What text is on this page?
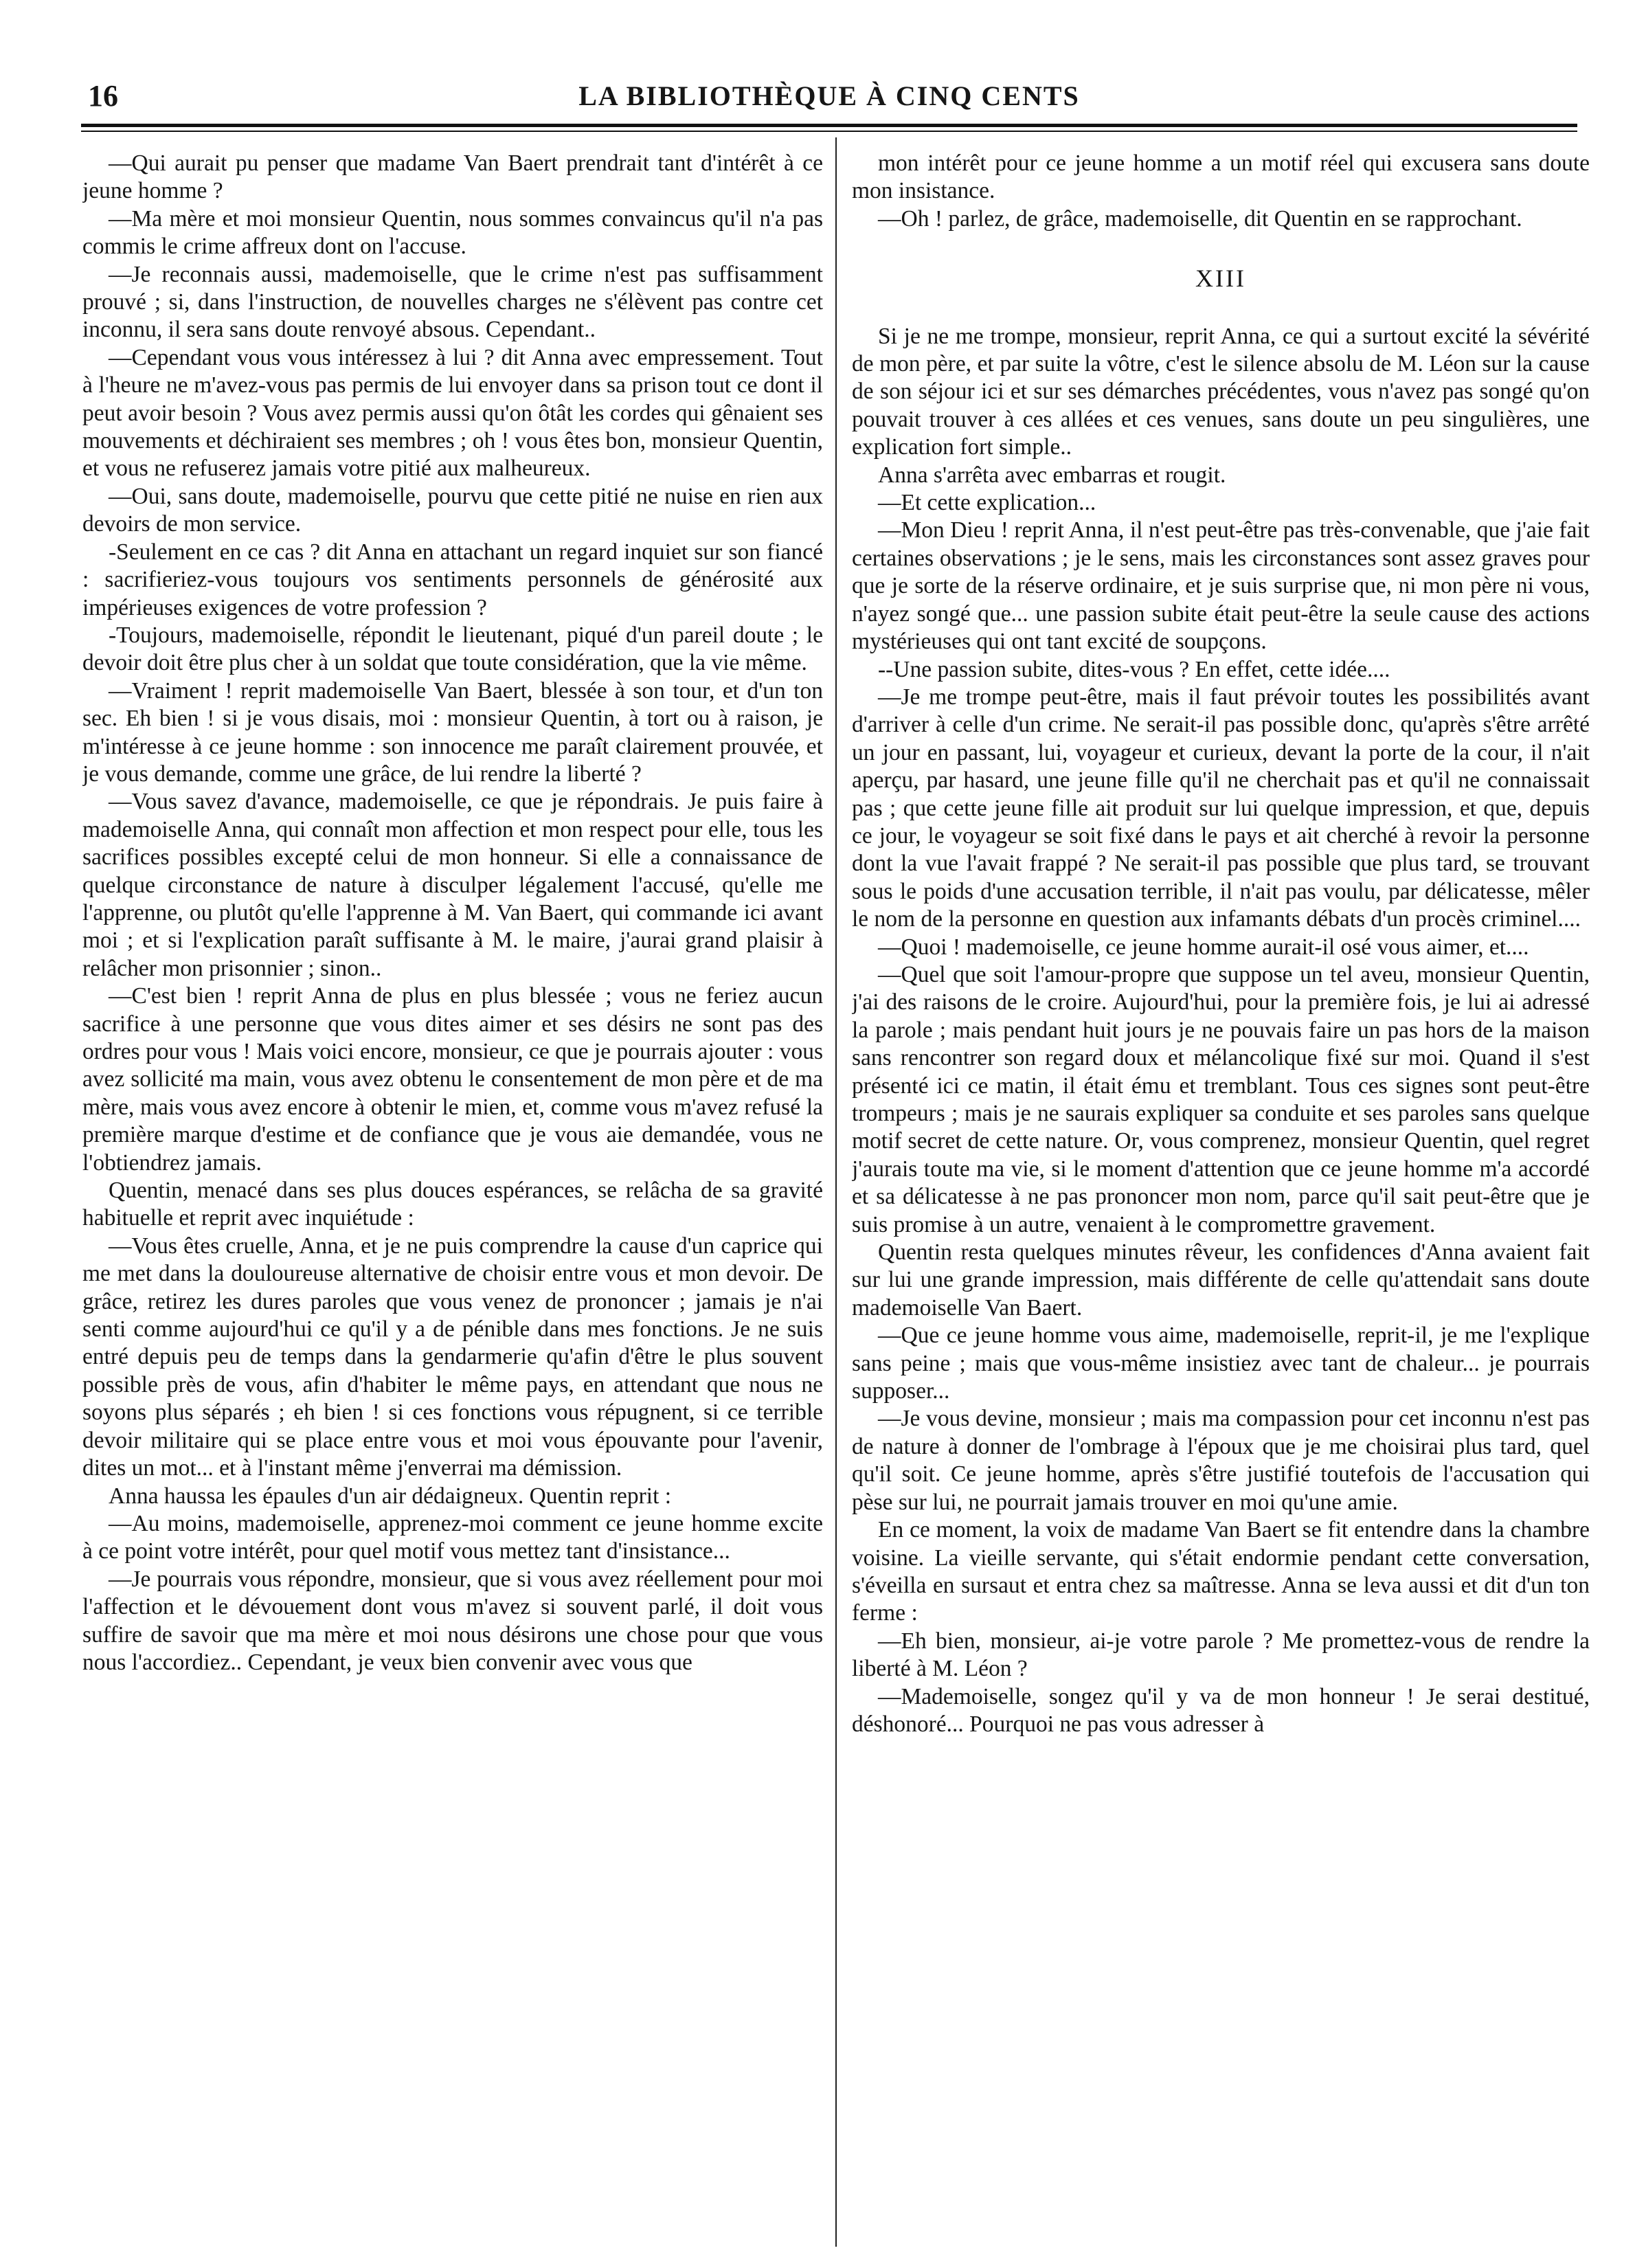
16	LA BIBLIOTHÈQUE À CINQ CENTS

—Qui aurait pu penser que madame Van Baert prendrait tant d'intérêt à ce jeune homme ?

—Ma mère et moi monsieur Quentin, nous sommes convaincus qu'il n'a pas commis le crime affreux dont on l'accuse.

—Je reconnais aussi, mademoiselle, que le crime n'est pas suffisamment prouvé ; si, dans l'instruction, de nouvelles charges ne s'élèvent pas contre cet inconnu, il sera sans doute renvoyé absous. Cependant..

—Cependant vous vous intéressez à lui ? dit Anna avec empressement. Tout à l'heure ne m'avez-vous pas permis de lui envoyer dans sa prison tout ce dont il peut avoir besoin ? Vous avez permis aussi qu'on ôtât les cordes qui gênaient ses mouvements et déchiraient ses membres ; oh ! vous êtes bon, monsieur Quentin, et vous ne refuserez jamais votre pitié aux malheureux.

—Oui, sans doute, mademoiselle, pourvu que cette pitié ne nuise en rien aux devoirs de mon service.

-Seulement en ce cas ? dit Anna en attachant un regard inquiet sur son fiancé : sacrifieriez-vous toujours vos sentiments personnels de générosité aux impérieuses exigences de votre profession ?

-Toujours, mademoiselle, répondit le lieutenant, piqué d'un pareil doute ; le devoir doit être plus cher à un soldat que toute considération, que la vie même.

—Vraiment ! reprit mademoiselle Van Baert, blessée à son tour, et d'un ton sec. Eh bien ! si je vous disais, moi : monsieur Quentin, à tort ou à raison, je m'intéresse à ce jeune homme : son innocence me paraît clairement prouvée, et je vous demande, comme une grâce, de lui rendre la liberté ?

—Vous savez d'avance, mademoiselle, ce que je répondrais. Je puis faire à mademoiselle Anna, qui connaît mon affection et mon respect pour elle, tous les sacrifices possibles excepté celui de mon honneur. Si elle a connaissance de quelque circonstance de nature à disculper légalement l'accusé, qu'elle me l'apprenne, ou plutôt qu'elle l'apprenne à M. Van Baert, qui commande ici avant moi ; et si l'explication paraît suffisante à M. le maire, j'aurai grand plaisir à relâcher mon prisonnier ; sinon..

—C'est bien ! reprit Anna de plus en plus blessée ; vous ne feriez aucun sacrifice à une personne que vous dites aimer et ses désirs ne sont pas des ordres pour vous ! Mais voici encore, monsieur, ce que je pourrais ajouter : vous avez sollicité ma main, vous avez obtenu le consentement de mon père et de ma mère, mais vous avez encore à obtenir le mien, et, comme vous m'avez refusé la première marque d'estime et de confiance que je vous aie demandée, vous ne l'obtiendrez jamais.

Quentin, menacé dans ses plus douces espérances, se relâcha de sa gravité habituelle et reprit avec inquiétude :

—Vous êtes cruelle, Anna, et je ne puis comprendre la cause d'un caprice qui me met dans la douloureuse alternative de choisir entre vous et mon devoir. De grâce, retirez les dures paroles que vous venez de prononcer ; jamais je n'ai senti comme aujourd'hui ce qu'il y a de pénible dans mes fonctions. Je ne suis entré depuis peu de temps dans la gendarmerie qu'afin d'être le plus souvent possible près de vous, afin d'habiter le même pays, en attendant que nous ne soyons plus séparés ; eh bien ! si ces fonctions vous répugnent, si ce terrible devoir militaire qui se place entre vous et moi vous épouvante pour l'avenir, dites un mot... et à l'instant même j'enverrai ma démission.

Anna haussa les épaules d'un air dédaigneux. Quentin reprit :

—Au moins, mademoiselle, apprenez-moi comment ce jeune homme excite à ce point votre intérêt, pour quel motif vous mettez tant d'insistance...

—Je pourrais vous répondre, monsieur, que si vous avez réellement pour moi l'affection et le dévouement dont vous m'avez si souvent parlé, il doit vous suffire de savoir que ma mère et moi nous désirons une chose pour que vous nous l'accordiez.. Cependant, je veux bien convenir avec vous que

mon intérêt pour ce jeune homme a un motif réel qui excusera sans doute mon insistance.

—Oh ! parlez, de grâce, mademoiselle, dit Quentin en se rapprochant.

XIII

Si je ne me trompe, monsieur, reprit Anna, ce qui a surtout excité la sévérité de mon père, et par suite la vôtre, c'est le silence absolu de M. Léon sur la cause de son séjour ici et sur ses démarches précédentes, vous n'avez pas songé qu'on pouvait trouver à ces allées et ces venues, sans doute un peu singulières, une explication fort simple..

Anna s'arrêta avec embarras et rougit.

—Et cette explication...

—Mon Dieu ! reprit Anna, il n'est peut-être pas très-convenable, que j'aie fait certaines observations ; je le sens, mais les circonstances sont assez graves pour que je sorte de la réserve ordinaire, et je suis surprise que, ni mon père ni vous, n'ayez songé que... une passion subite était peut-être la seule cause des actions mystérieuses qui ont tant excité de soupçons.

--Une passion subite, dites-vous ? En effet, cette idée....

—Je me trompe peut-être, mais il faut prévoir toutes les possibilités avant d'arriver à celle d'un crime. Ne serait-il pas possible donc, qu'après s'être arrêté un jour en passant, lui, voyageur et curieux, devant la porte de la cour, il n'ait aperçu, par hasard, une jeune fille qu'il ne cherchait pas et qu'il ne connaissait pas ; que cette jeune fille ait produit sur lui quelque impression, et que, depuis ce jour, le voyageur se soit fixé dans le pays et ait cherché à revoir la personne dont la vue l'avait frappé ? Ne serait-il pas possible que plus tard, se trouvant sous le poids d'une accusation terrible, il n'ait pas voulu, par délicatesse, mêler le nom de la personne en question aux infamants débats d'un procès criminel....

—Quoi ! mademoiselle, ce jeune homme aurait-il osé vous aimer, et....

—Quel que soit l'amour-propre que suppose un tel aveu, monsieur Quentin, j'ai des raisons de le croire. Aujourd'hui, pour la première fois, je lui ai adressé la parole ; mais pendant huit jours je ne pouvais faire un pas hors de la maison sans rencontrer son regard doux et mélancolique fixé sur moi. Quand il s'est présenté ici ce matin, il était ému et tremblant. Tous ces signes sont peut-être trompeurs ; mais je ne saurais expliquer sa conduite et ses paroles sans quelque motif secret de cette nature. Or, vous comprenez, monsieur Quentin, quel regret j'aurais toute ma vie, si le moment d'attention que ce jeune homme m'a accordé et sa délicatesse à ne pas prononcer mon nom, parce qu'il sait peut-être que je suis promise à un autre, venaient à le compromettre gravement.

Quentin resta quelques minutes rêveur, les confidences d'Anna avaient fait sur lui une grande impression, mais différente de celle qu'attendait sans doute mademoiselle Van Baert.

—Que ce jeune homme vous aime, mademoiselle, reprit-il, je me l'explique sans peine ; mais que vous-même insistiez avec tant de chaleur... je pourrais supposer...

—Je vous devine, monsieur ; mais ma compassion pour cet inconnu n'est pas de nature à donner de l'ombrage à l'époux que je me choisirai plus tard, quel qu'il soit. Ce jeune homme, après s'être justifié toutefois de l'accusation qui pèse sur lui, ne pourrait jamais trouver en moi qu'une amie.

En ce moment, la voix de madame Van Baert se fit entendre dans la chambre voisine. La vieille servante, qui s'était endormie pendant cette conversation, s'éveilla en sursaut et entra chez sa maîtresse. Anna se leva aussi et dit d'un ton ferme :

—Eh bien, monsieur, ai-je votre parole ? Me promettez-vous de rendre la liberté à M. Léon ?

—Mademoiselle, songez qu'il y va de mon honneur ! Je serai destitué, déshonoré... Pourquoi ne pas vous adresser à
